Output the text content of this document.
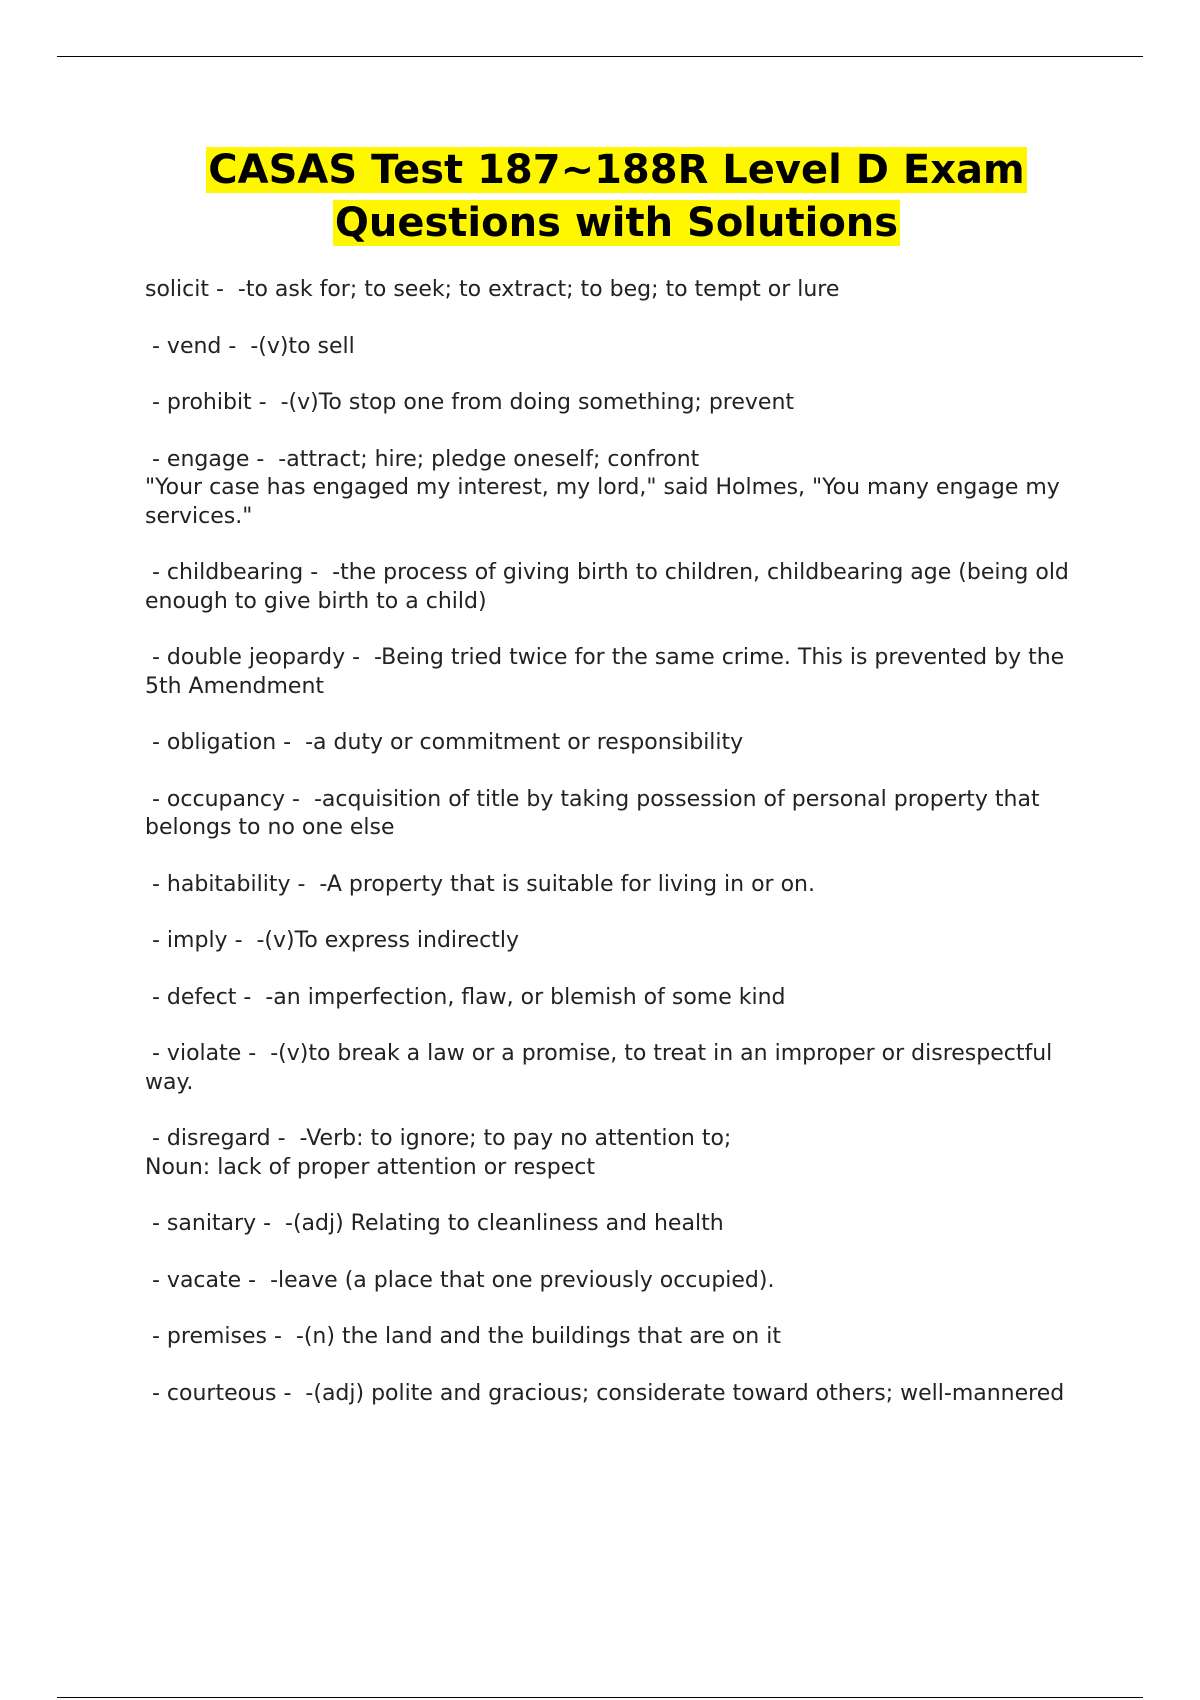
CASAS Test 187~188R Level D Exam Questions with Solutions

solicit -  -to ask for; to seek; to extract; to beg; to tempt or lure

- vend -  -(v)to sell

- prohibit -  -(v)To stop one from doing something; prevent

- engage -  -attract; hire; pledge oneself; confront
"Your case has engaged my interest, my lord," said Holmes, "You many engage my services."

- childbearing -  -the process of giving birth to children, childbearing age (being old enough to give birth to a child)

- double jeopardy -  -Being tried twice for the same crime. This is prevented by the 5th Amendment

- obligation -  -a duty or commitment or responsibility

- occupancy -  -acquisition of title by taking possession of personal property that belongs to no one else

- habitability -  -A property that is suitable for living in or on.

- imply -  -(v)To express indirectly

- defect -  -an imperfection, flaw, or blemish of some kind

- violate -  -(v)to break a law or a promise, to treat in an improper or disrespectful way.

- disregard -  -Verb: to ignore; to pay no attention to;
Noun: lack of proper attention or respect

- sanitary -  -(adj) Relating to cleanliness and health

- vacate -  -leave (a place that one previously occupied).

- premises -  -(n) the land and the buildings that are on it

- courteous -  -(adj) polite and gracious; considerate toward others; well-mannered
